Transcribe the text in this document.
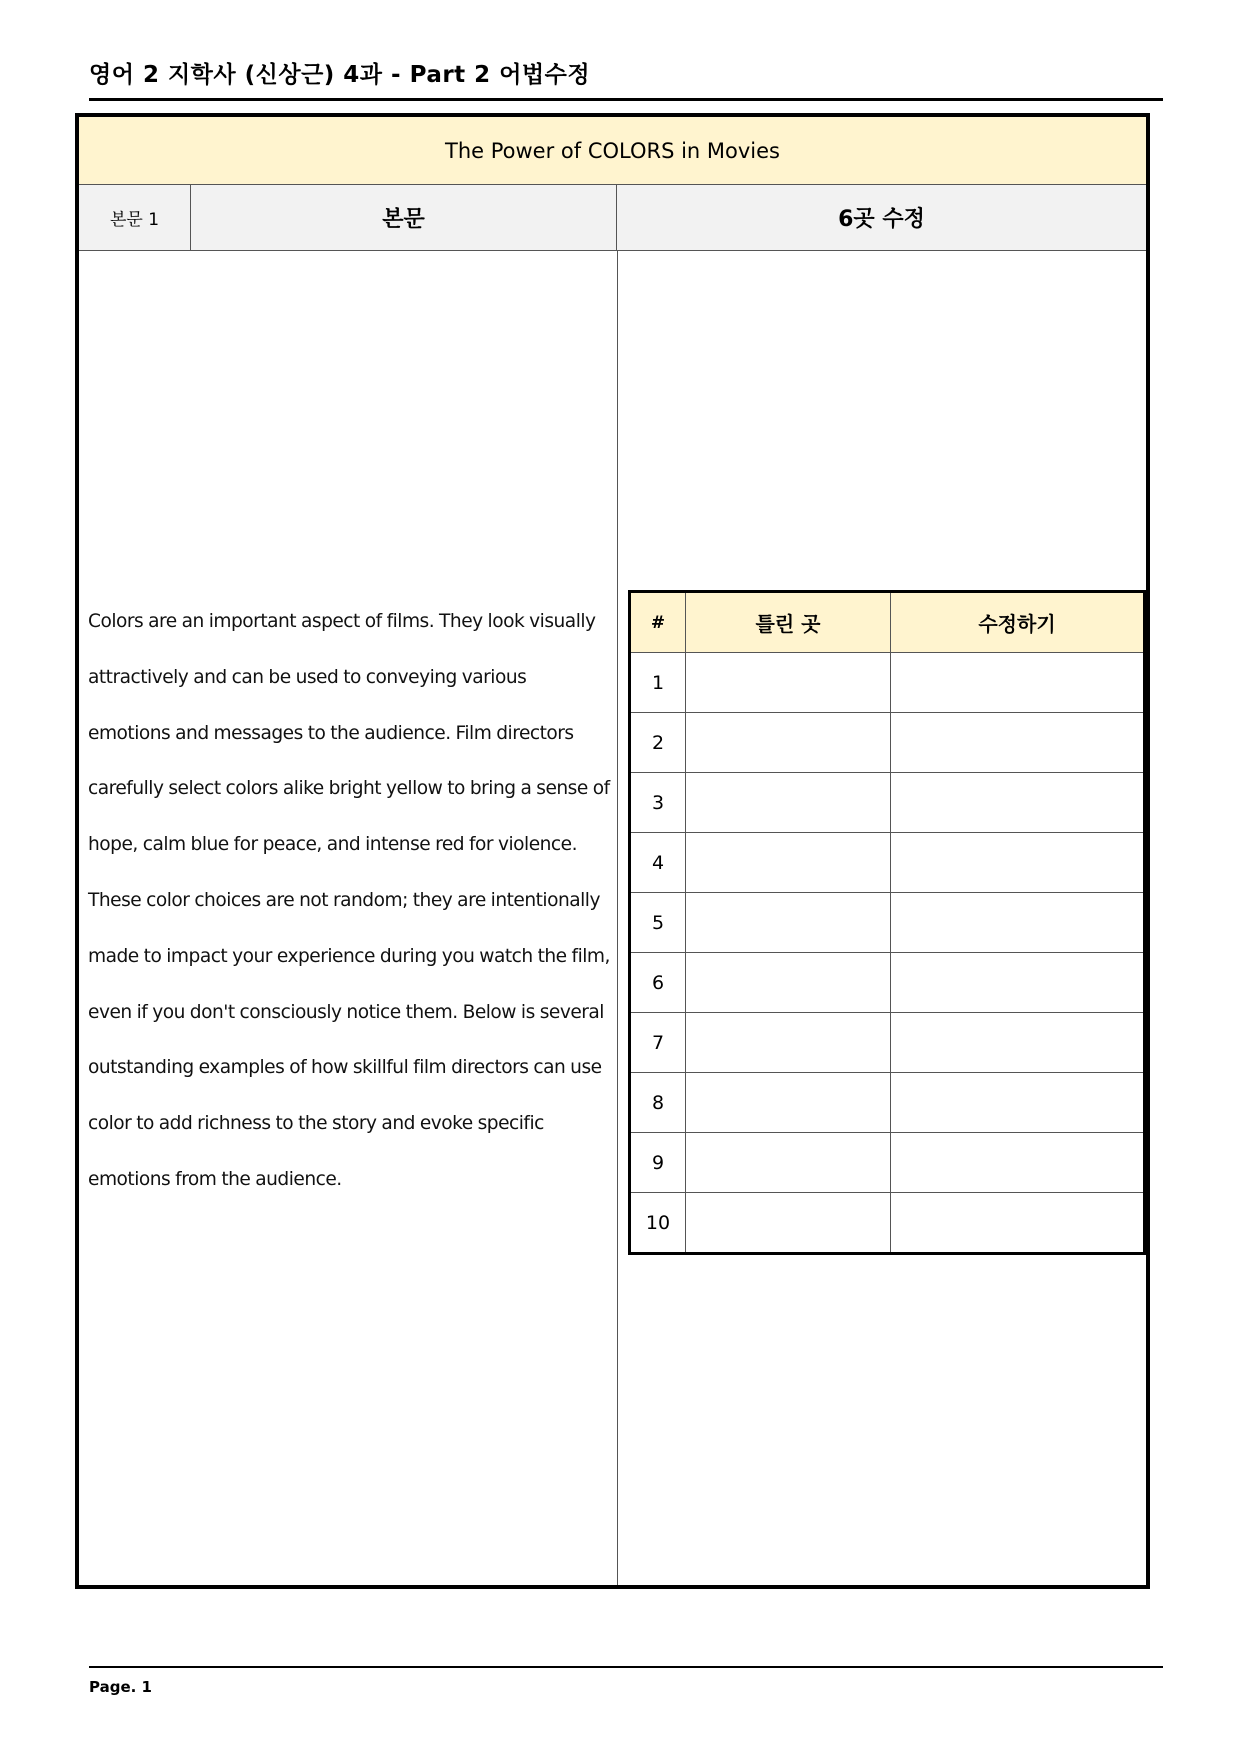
영어 2 지학사 (신상근) 4과 - Part 2 어법수정
The Power of COLORS in Movies
본문 1	본문	6곳 수정

Colors are an important aspect of films. They look visually attractively and can be used to conveying various emotions and messages to the audience. Film directors carefully select colors alike bright yellow to bring a sense of hope, calm blue for peace, and intense red for violence. These color choices are not random; they are intentionally made to impact your experience during you watch the film, even if you don't consciously notice them. Below is several outstanding examples of how skillful film directors can use color to add richness to the story and evoke specific emotions from the audience.

#	틀린 곳	수정하기
1		
2		
3		
4		
5		
6		
7		
8		
9		
10		
Page. 1
